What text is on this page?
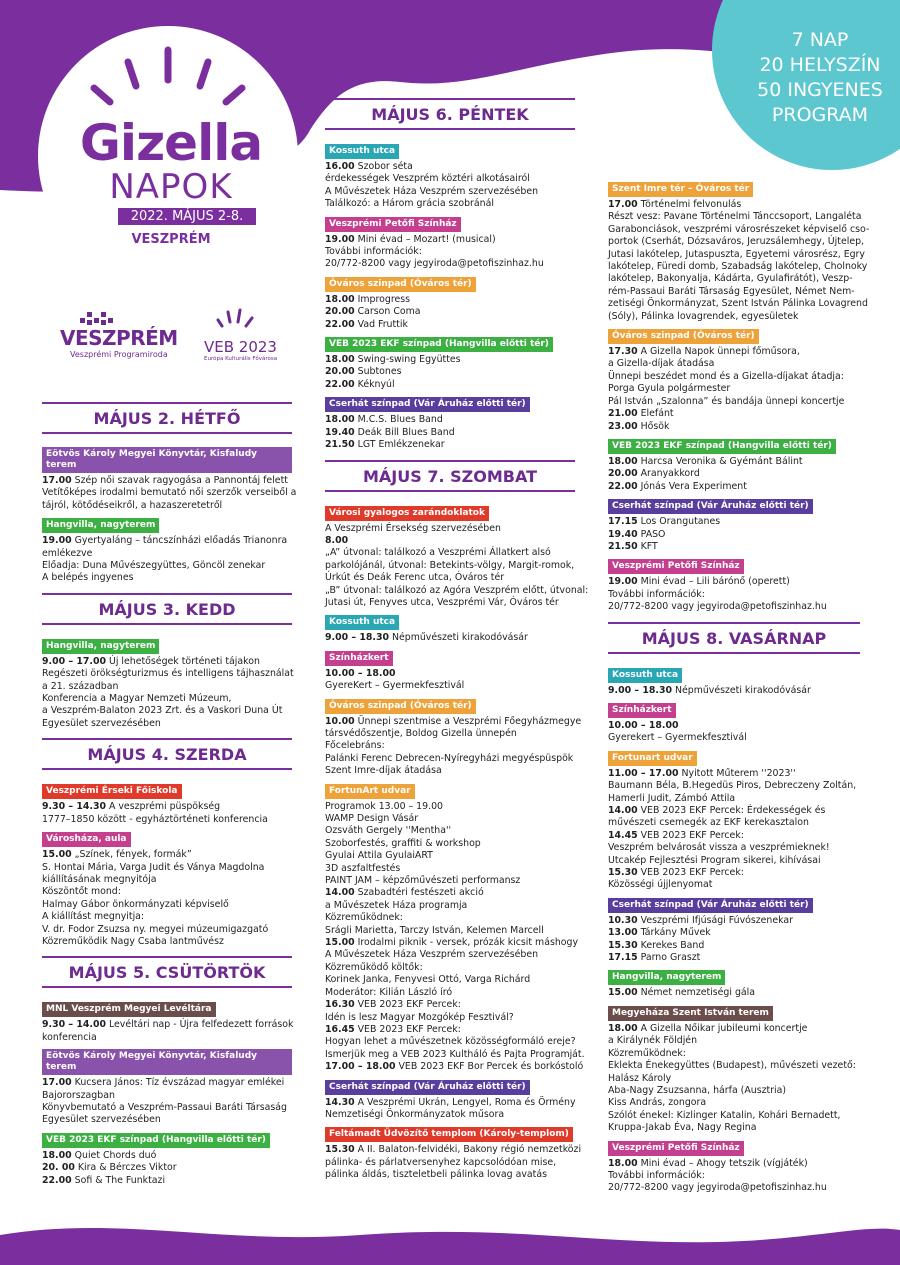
7 NAP
20 HELYSZÍN
50 INGYENES
PROGRAM
Gizella
NAPOK
2022. MÁJUS 2-8.
VESZPRÉM
VESZPRÉM
Veszprémi Programiroda VEB 2023
Európa Kulturális Fővárosa
MÁJUS 2. HÉTFŐ
Eötvös Károly Megyei Könyvtár, Kisfaludy terem
17.00 Szép női szavak ragyogása a Pannontáj felett
Vetítőképes irodalmi bemutató női szerzők verseiből a
tájról, kötődéseikről, a hazaszeretetről
Hangvilla, nagyterem
19.00 Gyertyaláng – táncszínházi előadás Trianonra
emlékezve
Előadja: Duna Művészegyüttes, Göncöl zenekar
A belépés ingyenes
MÁJUS 3. KEDD
Hangvilla, nagyterem
9.00 – 17.00 Új lehetőségek történeti tájakon
Regészeti örökségturizmus és intelligens tájhasználat
a 21. században
Konferencia a Magyar Nemzeti Múzeum,
a Veszprém-Balaton 2023 Zrt. és a Vaskori Duna Út
Egyesület szervezésében
MÁJUS 4. SZERDA
Veszprémi Érseki Főiskola
9.30 – 14.30 A veszprémi püspökség
1777–1850 között - egyháztörténeti konferencia
Városháza, aula
15.00 „Színek, fények, formák”
S. Hontai Mária, Varga Judit és Ványa Magdolna
kiállításának megnyitója
Köszöntőt mond:
Halmay Gábor önkormányzati képviselő
A kiállítást megnyitja:
V. dr. Fodor Zsuzsa ny. megyei múzeumigazgató
Közreműködik Nagy Csaba lantművész
MÁJUS 5. CSÜTÖRTÖK
MNL Veszprém Megyei Levéltára
9.30 – 14.00 Levéltári nap - Újra felfedezett források
konferencia
Eötvös Károly Megyei Könyvtár, Kisfaludy terem
17.00 Kucsera János: Tíz évszázad magyar emlékei
Bajororszagban
Könyvbemutató a Veszprém-Passaui Baráti Társaság
Egyesület szervezésében
VEB 2023 EKF színpad (Hangvilla előtti tér)
18.00 Quiet Chords duó
20. 00 Kira & Bérczes Viktor
22.00 Sofi & The Funktazi
MÁJUS 6. PÉNTEK
Kossuth utca
16.00 Szobor séta
érdekességek Veszprém köztéri alkotásairól
A Művészetek Háza Veszprém szervezésében
Találkozó: a Három grácia szobránál
Veszprémi Petőfi Színház
19.00 Mini évad – Mozart! (musical)
További információk:
20/772-8200 vagy jegyiroda@petofiszinhaz.hu
Óváros szinpad (Óváros tér)
18.00 Improgress
20.00 Carson Coma
22.00 Vad Fruttik
VEB 2023 EKF színpad (Hangvilla előtti tér)
18.00 Swing-swing Együttes
20.00 Subtones
22.00 Kéknyúl
Cserhát színpad (Vár Áruház előtti tér)
18.00 M.C.S. Blues Band
19.40 Deák Bill Blues Band
21.50 LGT Emlékzenekar
MÁJUS 7. SZOMBAT
Városi gyalogos zarándoklatok
A Veszprémi Érsekség szervezésében
8.00
„A” útvonal: találkozó a Veszprémi Állatkert alsó
parkolójánál, útvonal: Betekints-völgy, Margit-romok,
Úrkút és Deák Ferenc utca, Óváros tér
„B” útvonal: találkozó az Agóra Veszprém előtt, útvonal:
Jutasi út, Fenyves utca, Veszprémi Vár, Óváros tér
Kossuth utca
9.00 – 18.30 Népművészeti kirakodóvásár
Színházkert
10.00 – 18.00
GyereKert – Gyermekfesztivál
Óváros szinpad (Óváros tér)
10.00 Ünnepi szentmise a Veszprémi Főegyházmegye
társvédőszentje, Boldog Gizella ünnepén
Főcelebráns:
Palánki Ferenc Debrecen-Nyíregyházi megyéspüspök
Szent Imre-díjak átadása
FortunArt udvar
Programok 13.00 – 19.00
WAMP Design Vásár
Ozsváth Gergely ''Mentha''
Szoborfestés, graffiti & workshop
Gyulai Attila GyulaiART
3D aszfaltfestés
PAINT JAM – képzőművészeti performansz
14.00 Szabadtéri festészeti akció
a Művészetek Háza programja
Közreműködnek:
Srágli Marietta, Tarczy István, Kelemen Marcell
15.00 Irodalmi piknik - versek, prózák kicsit máshogy
A Művészetek Háza Veszprém szervezésében
Közreműködő költők:
Korinek Janka, Fenyvesi Ottó, Varga Richárd
Moderátor: Kilián László író
16.30 VEB 2023 EKF Percek:
Idén is lesz Magyar Mozgókép Fesztivál?
16.45 VEB 2023 EKF Percek:
Hogyan lehet a művészetnek közösségformáló ereje?
Ismerjük meg a VEB 2023 Kultháló és Pajta Programját.
17.00 – 18.00 VEB 2023 EKF Bor Percek és borkóstoló
Cserhát színpad (Vár Áruház előtti tér)
14.30 A Veszprémi Ukrán, Lengyel, Roma és Örmény
Nemzetiségi Önkormányzatok műsora
Feltámadt Üdvözítő templom (Károly-templom)
15.30 A II. Balaton-felvidéki, Bakony régió nemzetközi
pálinka- és párlatversenyhez kapcsolódóan mise,
pálinka áldás, tiszteletbeli pálinka lovag avatás
Szent Imre tér – Óváros tér
17.00 Történelmi felvonulás
Részt vesz: Pavane Történelmi Tánccsoport, Langaléta
Garabonciások, veszprémi városrészeket képviselő cso-
portok (Cserhát, Dózsaváros, Jeruzsálemhegy, Újtelep,
Jutasi lakótelep, Jutaspuszta, Egyetemi városrész, Egry
lakótelep, Füredi domb, Szabadság lakótelep, Cholnoky
lakótelep, Bakonyalja, Kádárta, Gyulafirátót), Veszp-
rém-Passaui Baráti Társaság Egyesület, Német Nem-
zetiségi Önkormányzat, Szent István Pálinka Lovagrend
(Sóly), Pálinka lovagrendek, egyesületek
Óváros szinpad (Óváros tér)
17.30 A Gizella Napok ünnepi főműsora,
a Gizella-díjak átadása
Ünnepi beszédet mond és a Gizella-díjakat átadja:
Porga Gyula polgármester
Pál István „Szalonna” és bandája ünnepi koncertje
21.00 Elefánt
23.00 Hősök
VEB 2023 EKF színpad (Hangvilla előtti tér)
18.00 Harcsa Veronika & Gyémánt Bálint
20.00 Aranyakkord
22.00 Jónás Vera Experiment
Cserhát színpad (Vár Áruház előtti tér)
17.15 Los Orangutanes
19.40 PASO
21.50 KFT
Veszprémi Petőfi Színház
19.00 Mini évad – Lili bárónő (operett)
További információk:
20/772-8200 vagy jegyiroda@petofiszinhaz.hu
MÁJUS 8. VASÁRNAP
Kossuth utca
9.00 – 18.30 Népművészeti kirakodóvásár
Színházkert
10.00 – 18.00
Gyerekert – Gyermekfesztivál
Fortunart udvar
11.00 – 17.00 Nyitott Műterem ''2023''
Baumann Béla, B.Hegedüs Piros, Debreczeny Zoltán,
Hamerli Judit, Zámbó Attila
14.00 VEB 2023 EKF Percek: Érdekességek és
művészeti csemegék az EKF kerekasztalon
14.45 VEB 2023 EKF Percek:
Veszprém belvárosát vissza a veszprémieknek!
Utcakép Fejlesztési Program sikerei, kihívásai
15.30 VEB 2023 EKF Percek:
Közösségi újjlenyomat
Cserhát színpad (Vár Áruház előtti tér)
10.30 Veszprémi Ifjúsági Fúvószenekar
13.00 Tárkány Művek
15.30 Kerekes Band
17.15 Parno Graszt
Hangvilla, nagyterem
15.00 Német nemzetiségi gála
Megyeháza Szent István terem
18.00 A Gizella Nőikar jubileumi koncertje
a Királynék Földjén
Közreműködnek:
Eklekta Énekegyüttes (Budapest), művészeti vezető:
Halász Károly
Aba-Nagy Zsuzsanna, hárfa (Ausztria)
Kiss András, zongora
Szólót énekel: Kizlinger Katalin, Kohári Bernadett,
Kruppa-Jakab Éva, Nagy Regina
Veszprémi Petőfi Színház
18.00 Mini évad – Ahogy tetszik (vígjáték)
További információk:
20/772-8200 vagy jegyiroda@petofiszinhaz.hu
